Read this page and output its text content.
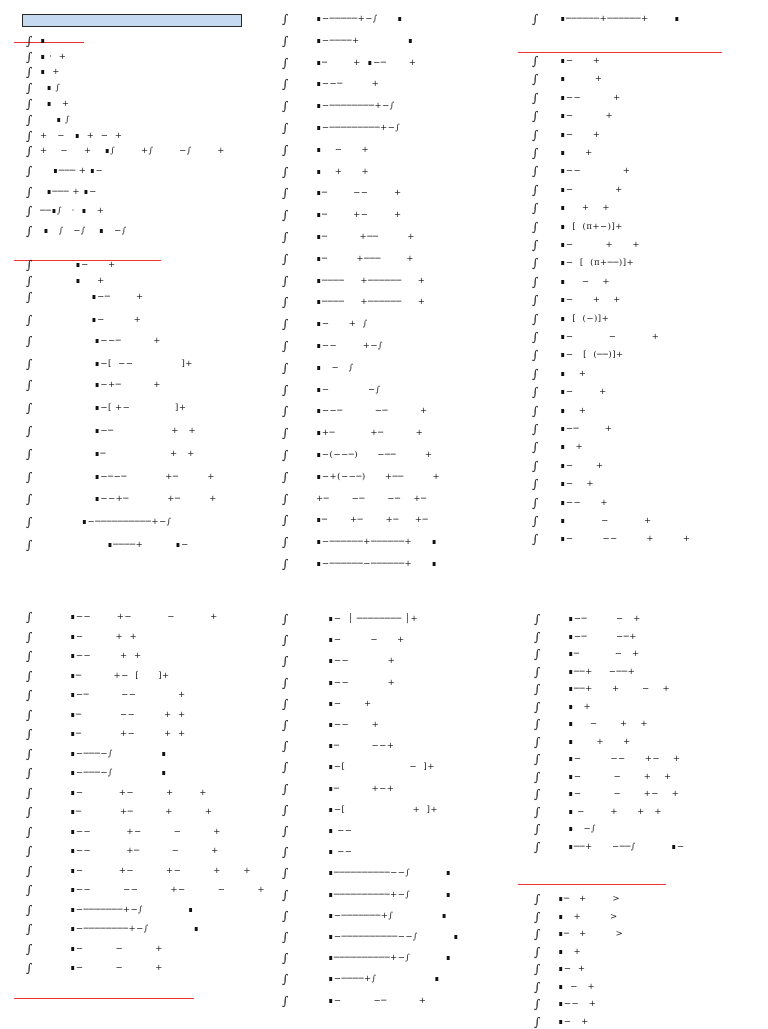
∫ ∎
∫ ∎ ·  +
∫ ∎  +
∫ ∎ ∫
∫ ∎   +
∫ ∎ ∫
∫ +   −   ∎  +  −  +
∫ +    −     +    ∎∫        +∫        −∫        +
∫ ∎─── + ∎−
∫ ∎─── + ∎−
∫ ──∎∫   ·  ∎   +
∫ ∎   ∫   −∫    ∎   −∫
∫ ∎−      +
∫ ∎     +
∫ ∎−─        +
∫ ∎−         +
∫ ∎−−─          +
∫ ∎−[  −−               ]+
∫ ∎−+─          +
∫ ∎−[ +−              ]+
∫ ∎−─                  +   +
∫ ∎─                    +   +
∫ ∎−─−─            +─         +
∫ ∎−−+─            +─         +
∫ ∎−──────────+−∫
∫ ∎────+          ∎−
∫	∎−─────+−∫      ∎
∫	∎−────+               ∎
∫	∎─        +  ∎−─       +
∫	∎−−─         +
∫	∎−────────+−∫
∫	∎−─────────+−∫
∫	∎    −      +
∫	∎    +      +
∫	∎─        −−        +
∫	∎─        +−        +
∫	∎─          +──         +
∫	∎─         +───        +
∫	∎────     +──────     +
∫	∎────     +──────     +
∫	∎−      +  ∫
∫	∎−−        +−∫
∫	∎   −   ∫
∫	∎−            −∫
∫	∎−−─          −─          +
∫	∎+─           +─          +
∫	∎−(−−─)      −──         +
∫	∎−+(−−─)      +──         +
∫	+─       −─       −─    +─
∫	∎─       +─       +─     +─
∫	∎−──────+──────+      ∎
∫	∎−──────−──────+      ∎
∫	∎──────+──────+        ∎
∫	∎−      +
∫	∎         +
∫	∎−−          +
∫	∎−          +
∫	∎−      +
∫	∎      +
∫	∎−−             +
∫	∎−             +
∫	∎     +    +
∫	∎  [  (π+−)]+
∫	∎−          +      +
∫	∎−  [  (π+──)]+
∫	∎     −    +
∫	∎−      +    +
∫	∎  [  (−)]+
∫	∎−           −           +
∫	∎−   [  (──)]+
∫	∎    +
∫	∎−        +
∫	∎    +
∫	∎−─        +
∫	∎   +
∫	∎−       +
∫	∎−    +
∫	∎−−      +
∫	∎           −           +
∫	∎−         −−         +         +
∫	∎−−        +−           −           +
∫	∎−          +  +
∫	∎−−         +  +
∫	∎─          +−  [      ]+
∫	∎−─          −−             +
∫	∎─            −−         +  +
∫	∎─            +−         +  +
∫	∎−───−∫               ∎
∫	∎−───−∫               ∎
∫	∎−           +−          +        +
∫	∎─            +─          +          +
∫	∎−−           +−          −          +
∫	∎−−           +─          −          +
∫	∎−           +−          +−          +       +
∫	∎−−          −−          +−          −          +
∫	∎−───────+−∫              ∎
∫	∎−────────+−∫              ∎
∫	∎−          −          +
∫	∎−          −          +
∫	∎−  │ ──────── │+
∫	∎−         −      +
∫	∎−−            +
∫	∎−−            +
∫	∎−       +
∫	∎−−       +
∫	∎─          −−+
∫	∎−[                    −  ]+
∫	∎─          +−+
∫	∎−[                     +  ]+
∫	∎ −−
∫	∎ −−
∫	∎──────────−−∫           ∎
∫	∎──────────+−∫           ∎
∫	∎−───────+∫               ∎
∫	∎−──────────−−∫           ∎
∫	∎──────────+−∫           ∎
∫	∎−────+∫                  ∎
∫	∎−          −─          +
∫	∎−─         −   +
∫	∎−─         −─+
∫	∎─           −   +
∫	∎──+     −──+
∫	∎──+      +       −    +
∫	∎   +
∫	∎     −       +    +
∫	∎       +      +
∫	∎−         −−      +−    +
∫	∎−          −       +    +
∫	∎−          −       +−    +
∫	∎ −        +      +   +
∫	∎   −∫
∫	∎──+      −──∫           ∎−
∫ ∎─   +        >
∫ ∎   +         >
∫ ∎─   +         >
∫ ∎   +
∫ ∎−  +
∫ ∎  −   +
∫ ∎−−   +
∫ ∎−   +
